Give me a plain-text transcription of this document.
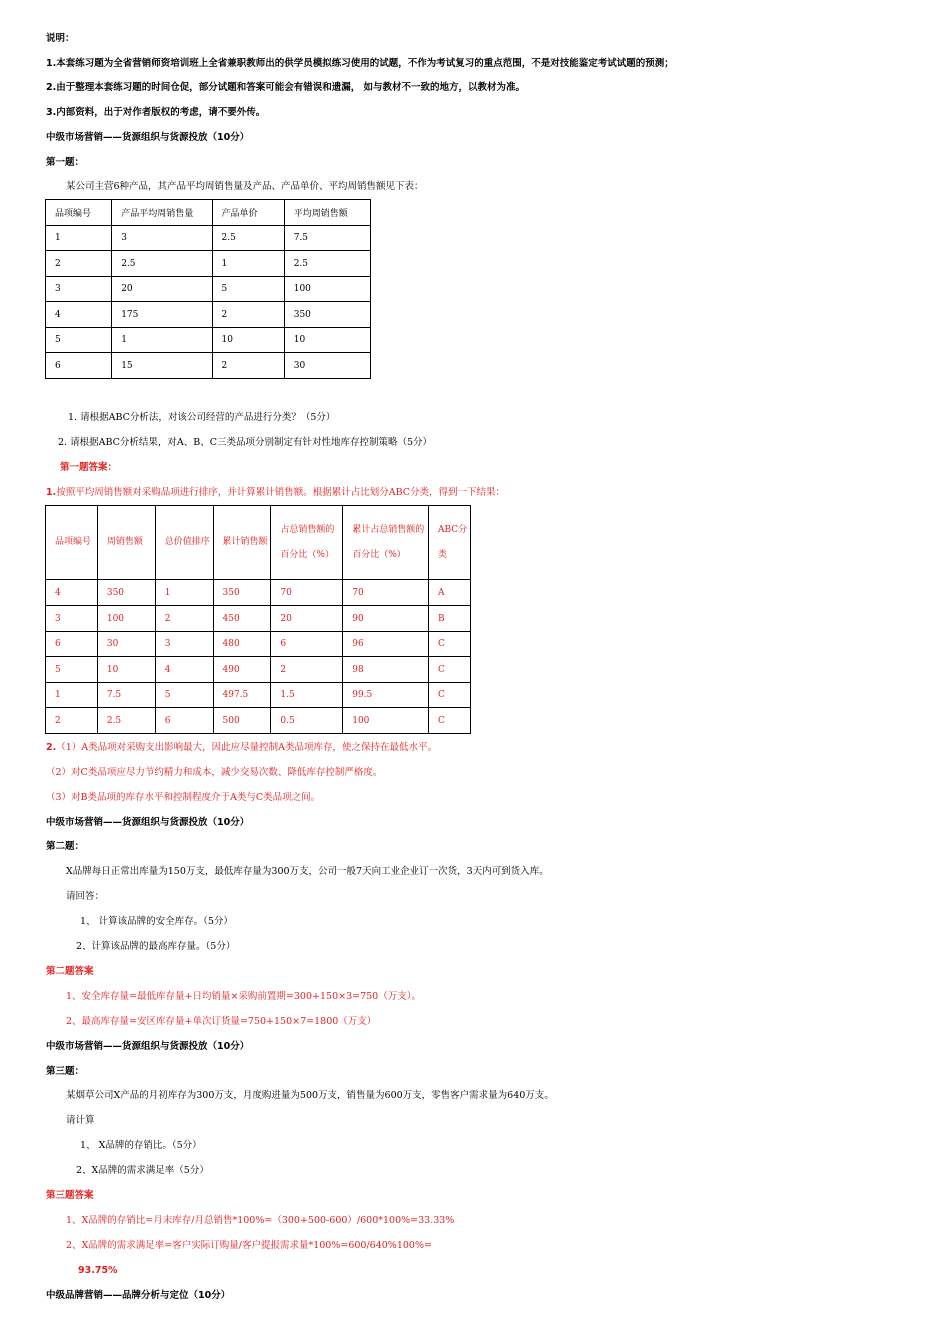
说明：
1.本套练习题为全省营销师资培训班上全省兼职教师出的供学员模拟练习使用的试题，不作为考试复习的重点范围，不是对技能鉴定考试试题的预测；
2.由于整理本套练习题的时间仓促，部分试题和答案可能会有错误和遗漏， 如与教材不一致的地方，以教材为准。
3.内部资料，出于对作者版权的考虑，请不要外传。
中级市场营销——货源组织与货源投放（10分）
第一题：
某公司主营6种产品，其产品平均周销售量及产品、产品单价、平均周销售额见下表：
品项编号	产品平均周销售量	产品单价	平均周销售额
1	3	2.5	7.5
2	2.5	1	2.5
3	20	5	100
4	175	2	350
5	1	10	10
6	15	2	30
1. 请根据ABC分析法，对该公司经营的产品进行分类？（5分）
2. 请根据ABC分析结果，对A、B、C三类品项分别制定有针对性地库存控制策略（5分）
第一题答案：
1.按照平均周销售额对采购品项进行排序，并计算累计销售额。根据累计占比划分ABC分类，得到一下结果：
品项编号	周销售额	总价值排序	累计销售额	占总销售额的百分比（%）	累计占总销售额的百分比（%）	ABC分类
4	350	1	350	70	70	A
3	100	2	450	20	90	B
6	30	3	480	6	96	C
5	10	4	490	2	98	C
1	7.5	5	497.5	1.5	99.5	C
2	2.5	6	500	0.5	100	C
2.（1）A类品项对采购支出影响最大，因此应尽量控制A类品项库存，使之保持在最低水平。
（2）对C类品项应尽力节约精力和成本，减少交易次数、降低库存控制严格度。
（3）对B类品项的库存水平和控制程度介于A类与C类品项之间。
中级市场营销——货源组织与货源投放（10分）
第二题：
X品牌每日正常出库量为150万支，最低库存量为300万支，公司一般7天向工业企业订一次货，3天内可到货入库。
请回答：
1、 计算该品牌的安全库存。（5分）
2、计算该品牌的最高库存量。（5分）
第二题答案
1、安全库存量=最低库存量+日均销量×采购前置期=300+150×3=750（万支）。
2、最高库存量=安区库存量+单次订货量=750+150×7=1800（万支）
中级市场营销——货源组织与货源投放（10分）
第三题：
某烟草公司X产品的月初库存为300万支，月度购进量为500万支，销售量为600万支，零售客户需求量为640万支。
请计算
1、 X品牌的存销比。（5分）
2、X品牌的需求满足率（5分）
第三题答案
1、X品牌的存销比=月末库存/月总销售*100%=（300+500-600）/600*100%=33.33%
2、X品牌的需求满足率=客户实际订购量/客户提报需求量*100%=600/640%100%=
93.75%
中级品牌营销——品牌分析与定位（10分）
